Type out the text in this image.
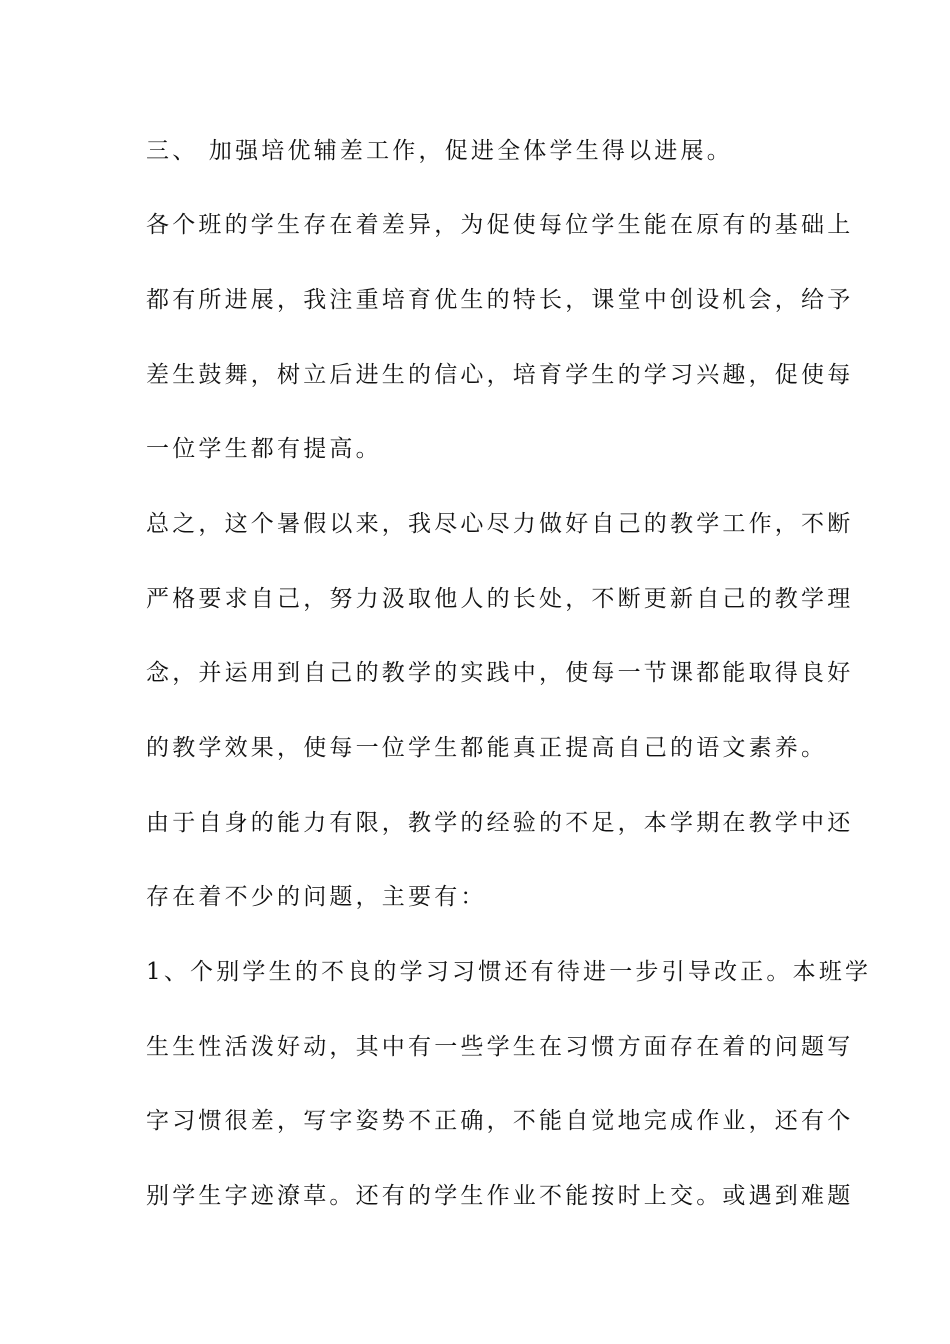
三、 加强培优辅差工作，促进全体学生得以进展。
各个班的学生存在着差异，为促使每位学生能在原有的基础上
都有所进展，我注重培育优生的特长，课堂中创设机会，给予
差生鼓舞，树立后进生的信心，培育学生的学习兴趣，促使每
一位学生都有提高。
总之，这个暑假以来，我尽心尽力做好自己的教学工作，不断
严格要求自己，努力汲取他人的长处，不断更新自己的教学理
念，并运用到自己的教学的实践中，使每一节课都能取得良好
的教学效果，使每一位学生都能真正提高自己的语文素养。
由于自身的能力有限，教学的经验的不足，本学期在教学中还
存在着不少的问题，主要有：
1、个别学生的不良的学习习惯还有待进一步引导改正。本班学
生生性活泼好动，其中有一些学生在习惯方面存在着的问题写
字习惯很差，写字姿势不正确，不能自觉地完成作业，还有个
别学生字迹潦草。还有的学生作业不能按时上交。或遇到难题
